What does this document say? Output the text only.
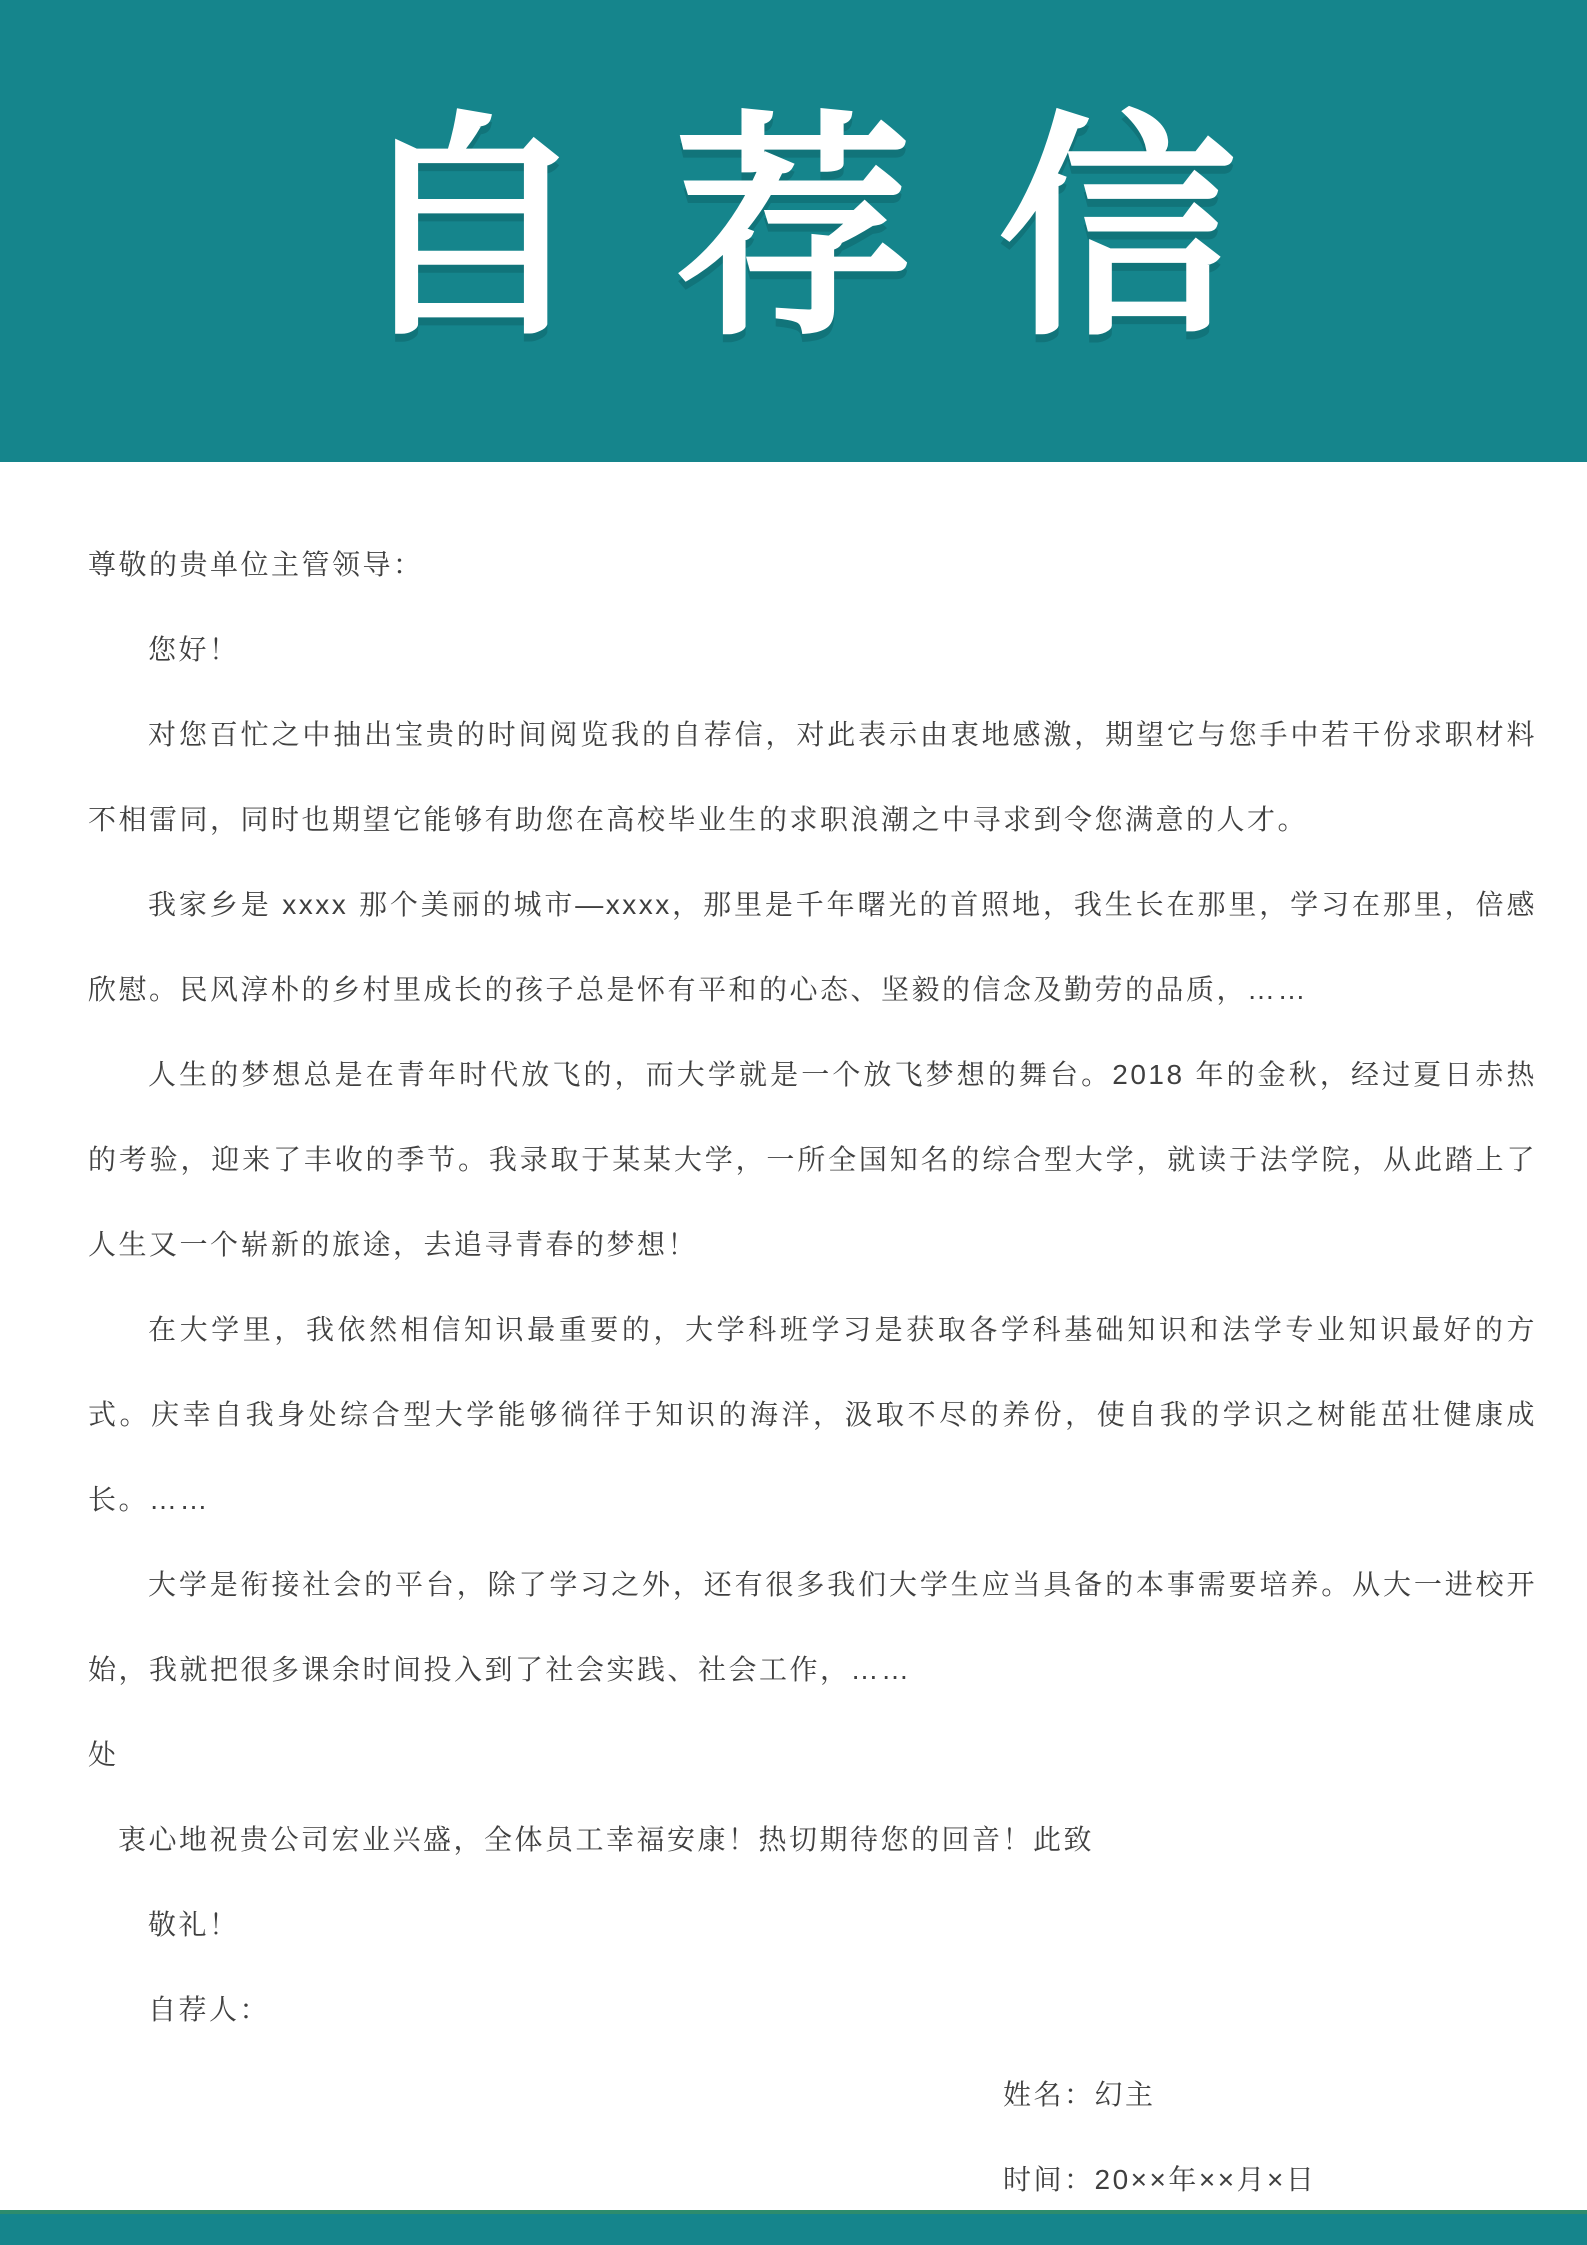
自荐信

尊敬的贵单位主管领导：

您好！

对您百忙之中抽出宝贵的时间阅览我的自荐信，对此表示由衷地感激，期望它与您手中若干份求职材料不相雷同，同时也期望它能够有助您在高校毕业生的求职浪潮之中寻求到令您满意的人才。

我家乡是 xxxx 那个美丽的城市—xxxx，那里是千年曙光的首照地，我生长在那里，学习在那里，倍感欣慰。民风淳朴的乡村里成长的孩子总是怀有平和的心态、坚毅的信念及勤劳的品质，……

人生的梦想总是在青年时代放飞的，而大学就是一个放飞梦想的舞台。2018 年的金秋，经过夏日赤热的考验，迎来了丰收的季节。我录取于某某大学，一所全国知名的综合型大学，就读于法学院，从此踏上了人生又一个崭新的旅途，去追寻青春的梦想！

在大学里，我依然相信知识最重要的，大学科班学习是获取各学科基础知识和法学专业知识最好的方式。庆幸自我身处综合型大学能够徜徉于知识的海洋，汲取不尽的养份，使自我的学识之树能茁壮健康成长。……

大学是衔接社会的平台，除了学习之外，还有很多我们大学生应当具备的本事需要培养。从大一进校开始，我就把很多课余时间投入到了社会实践、社会工作，……

处

衷心地祝贵公司宏业兴盛，全体员工幸福安康！热切期待您的回音！此致

敬礼！

自荐人：

姓名：幻主

时间：20××年××月×日
